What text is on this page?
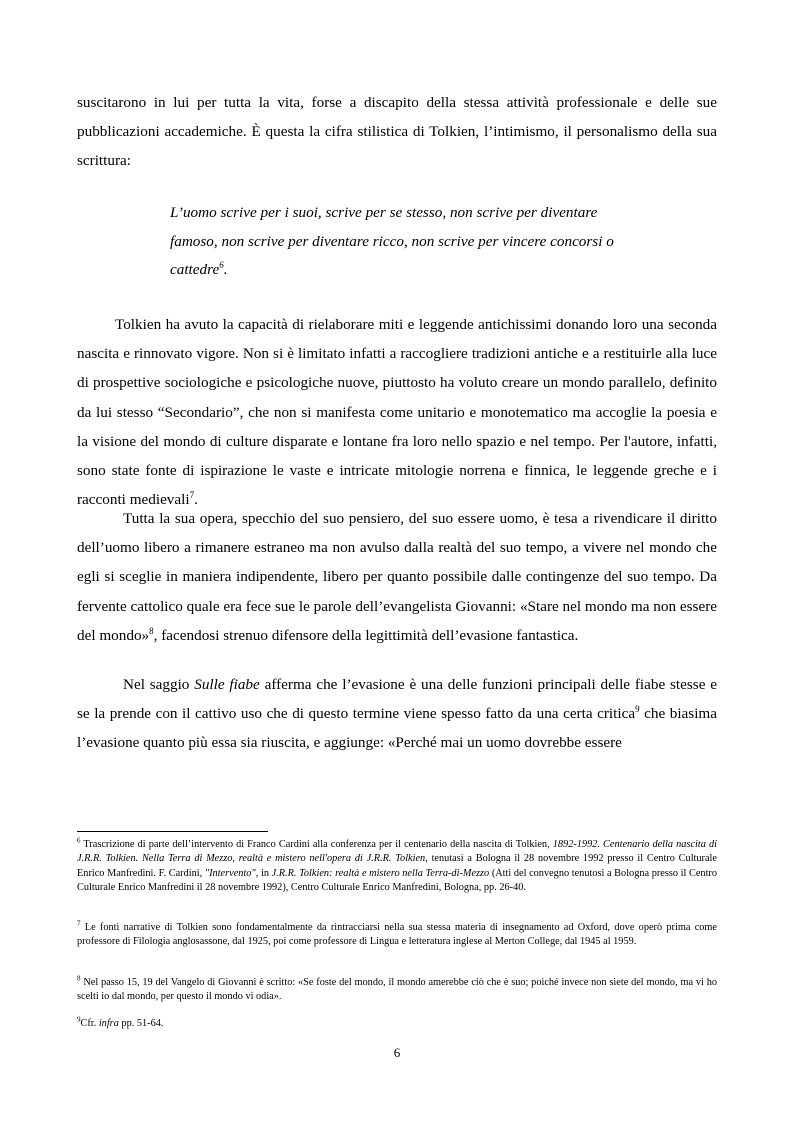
suscitarono in lui per tutta la vita, forse a discapito della stessa attività professionale e delle sue pubblicazioni accademiche. È questa la cifra stilistica di Tolkien, l’intimismo, il personalismo della sua scrittura:

L’uomo scrive per i suoi, scrive per se stesso, non scrive per diventare famoso, non scrive per diventare ricco, non scrive per vincere concorsi o cattedre$^6$.

Tolkien ha avuto la capacità di rielaborare miti e leggende antichissimi donando loro una seconda nascita e rinnovato vigore. Non si è limitato infatti a raccogliere tradizioni antiche e a restituirle alla luce di prospettive sociologiche e psicologiche nuove, piuttosto ha voluto creare un mondo parallelo, definito da lui stesso “Secondario”, che non si manifesta come unitario e monotematico ma accoglie la poesia e la visione del mondo di culture disparate e lontane fra loro nello spazio e nel tempo. Per l'autore, infatti, sono state fonte di ispirazione le vaste e intricate mitologie norrena e finnica, le leggende greche e i racconti medievali$^7$.

Tutta la sua opera, specchio del suo pensiero, del suo essere uomo, è tesa a rivendicare il diritto dell’uomo libero a rimanere estraneo ma non avulso dalla realtà del suo tempo, a vivere nel mondo che egli si sceglie in maniera indipendente, libero per quanto possibile dalle contingenze del suo tempo. Da fervente cattolico quale era fece sue le parole dell’evangelista Giovanni: «Stare nel mondo ma non essere del mondo»$^8$, facendosi strenuo difensore della legittimità dell’evasione fantastica.

Nel saggio Sulle fiabe afferma che l’evasione è una delle funzioni principali delle fiabe stesse e se la prende con il cattivo uso che di questo termine viene spesso fatto da una certa critica$^9$ che biasima l’evasione quanto più essa sia riuscita, e aggiunge: «Perché mai un uomo dovrebbe essere

$^6$ Trascrizione di parte dell’intervento di Franco Cardini alla conferenza per il centenario della nascita di Tolkien, 1892-1992. Centenario della nascita di J.R.R. Tolkien. Nella Terra di Mezzo, realtà e mistero nell'opera di J.R.R. Tolkien, tenutasi a Bologna il 28 novembre 1992 presso il Centro Culturale Enrico Manfredini. F. Cardini, "Intervento", in J.R.R. Tolkien: realtà e mistero nella Terra-di-Mezzo (Atti del convegno tenutosi a Bologna presso il Centro Culturale Enrico Manfredini il 28 novembre 1992), Centro Culturale Enrico Manfredini, Bologna, pp. 26-40.

$^7$ Le fonti narrative di Tolkien sono fondamentalmente da rintracciarsi nella sua stessa materia di insegnamento ad Oxford, dove operò prima come professore di Filologia anglosassone, dal 1925, poi come professore di Lingua e letteratura inglese al Merton College, dal 1945 al 1959.

$^8$ Nel passo 15, 19 del Vangelo di Giovanni è scritto: «Se foste del mondo, il mondo amerebbe ciò che è suo; poiché invece non siete del mondo, ma vi ho scelti io dal mondo, per questo il mondo vi odia».

$^9$Cfr. infra pp. 51-64.

6
